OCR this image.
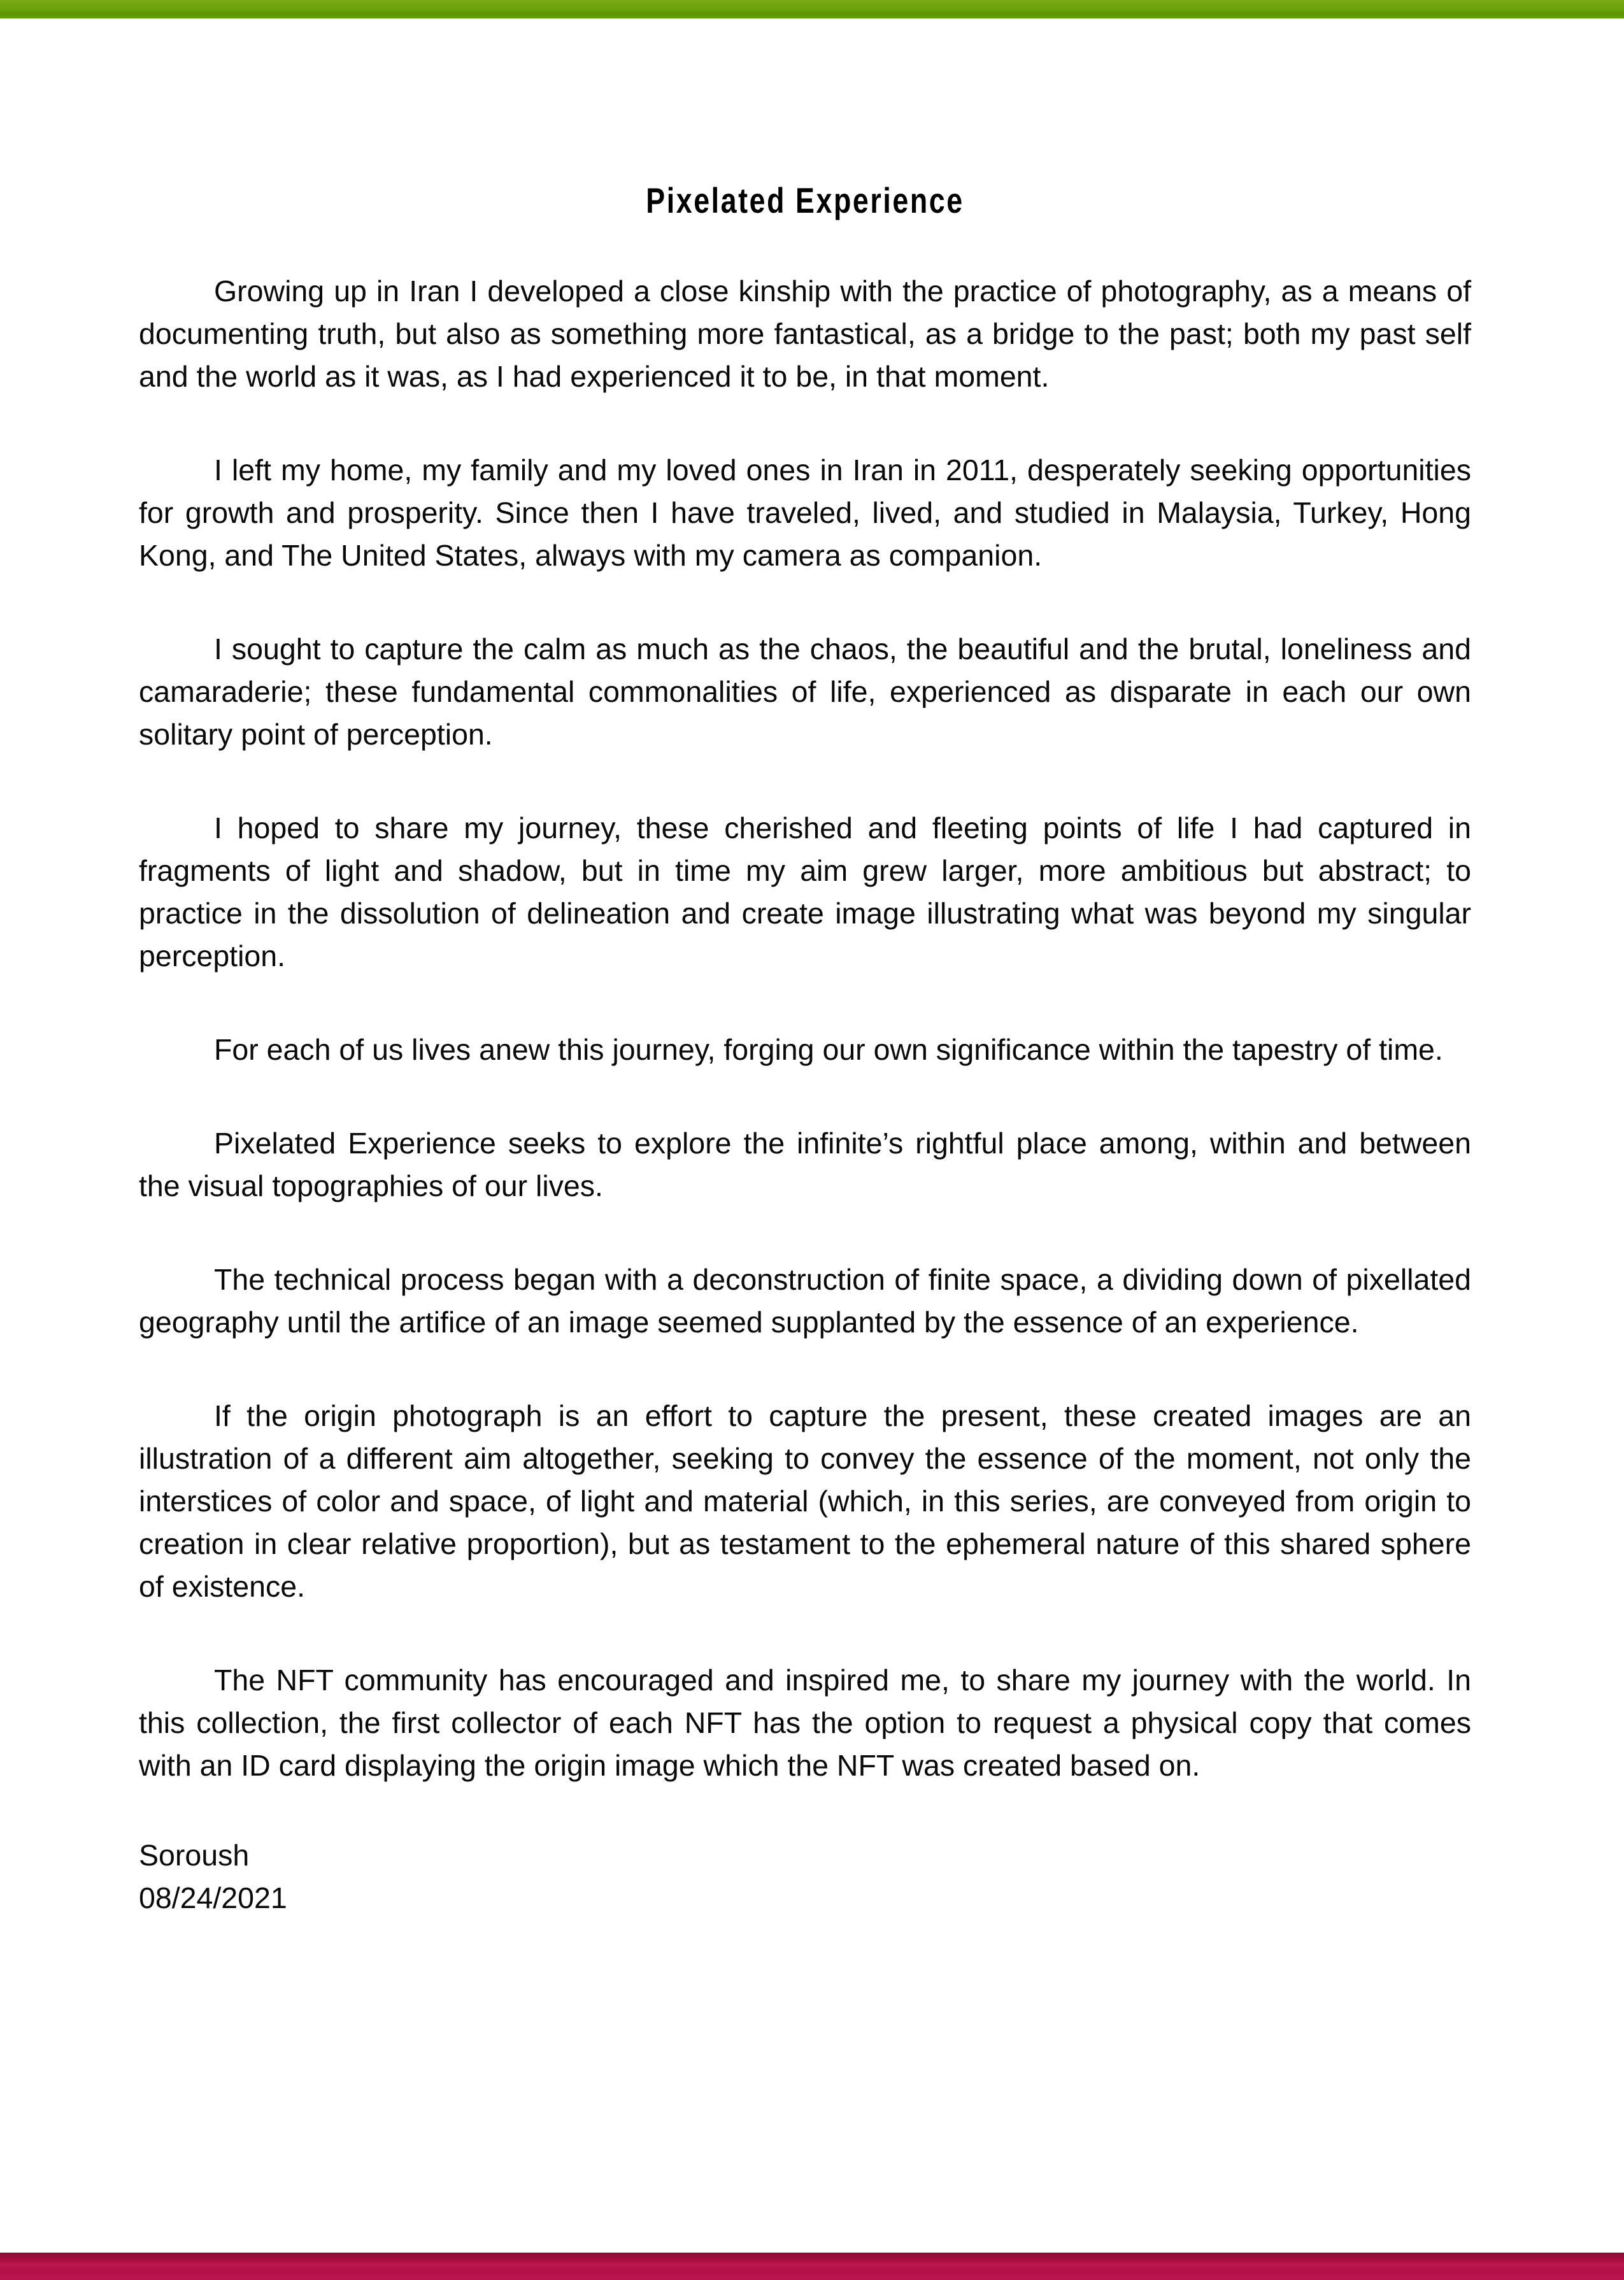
Pixelated Experience

Growing up in Iran I developed a close kinship with the practice of photography, as a means of documenting truth, but also as something more fantastical, as a bridge to the past; both my past self and the world as it was, as I had experienced it to be, in that moment.

I left my home, my family and my loved ones in Iran in 2011, desperately seeking opportunities for growth and prosperity. Since then I have traveled, lived, and studied in Malaysia, Turkey, Hong Kong, and The United States, always with my camera as companion.

I sought to capture the calm as much as the chaos, the beautiful and the brutal, loneliness and camaraderie; these fundamental commonalities of life, experienced as disparate in each our own solitary point of perception.

I hoped to share my journey, these cherished and fleeting points of life I had captured in fragments of light and shadow, but in time my aim grew larger, more ambitious but abstract; to practice in the dissolution of delineation and create image illustrating what was beyond my singular perception.

For each of us lives anew this journey, forging our own significance within the tapestry of time.

Pixelated Experience seeks to explore the infinite’s rightful place among, within and between the visual topographies of our lives.

The technical process began with a deconstruction of finite space, a dividing down of pixellated geography until the artifice of an image seemed supplanted by the essence of an experience.

If the origin photograph is an effort to capture the present, these created images are an illustration of a different aim altogether, seeking to convey the essence of the moment, not only the interstices of color and space, of light and material (which, in this series, are conveyed from origin to creation in clear relative proportion), but as testament to the ephemeral nature of this shared sphere of existence.

The NFT community has encouraged and inspired me, to share my journey with the world. In this collection, the first collector of each NFT has the option to request a physical copy that comes with an ID card displaying the origin image which the NFT was created based on.

Soroush

08/24/2021
